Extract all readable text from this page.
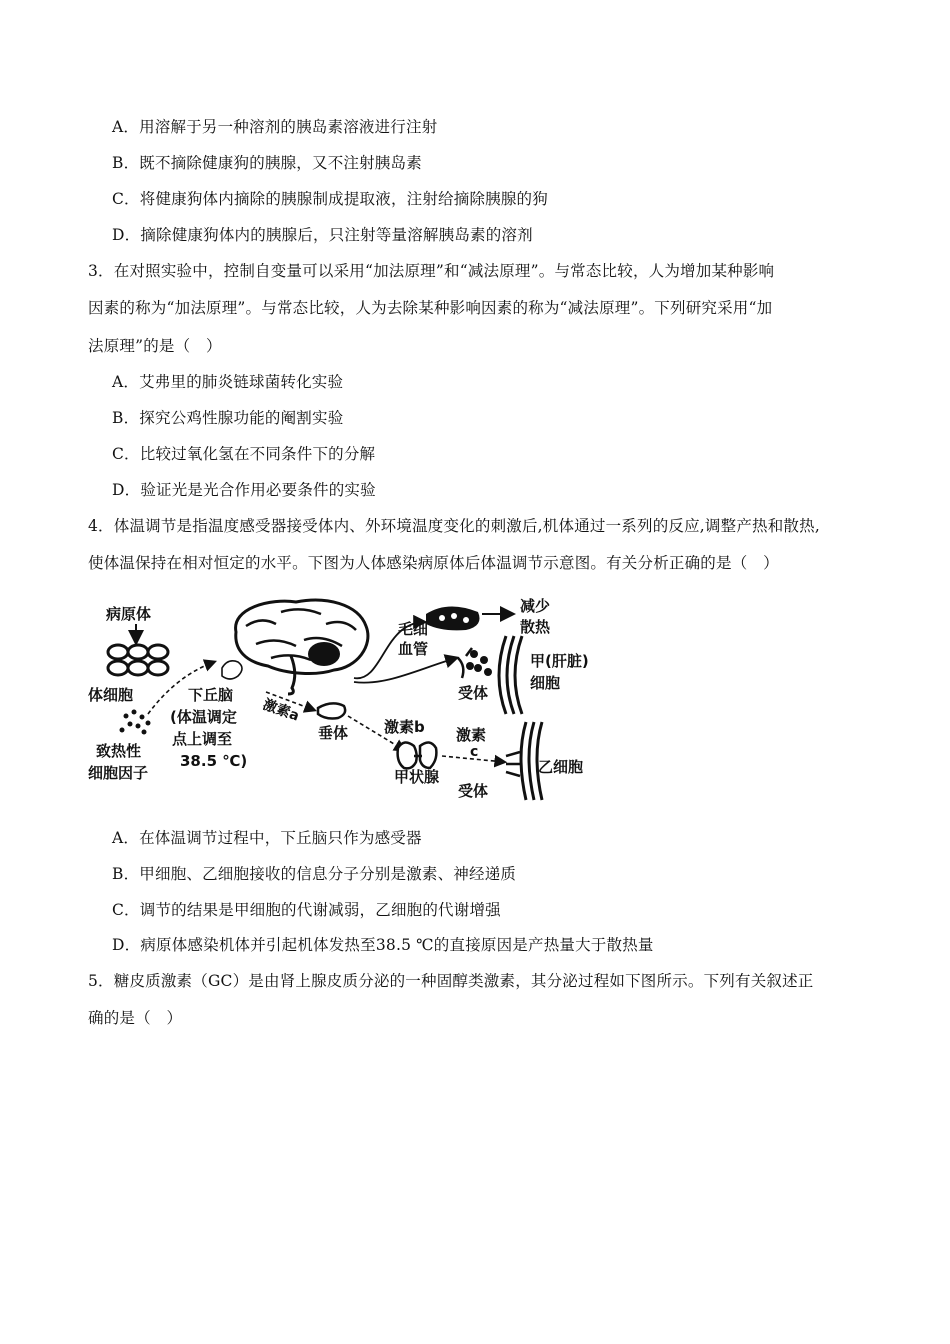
A．用溶解于另一种溶剂的胰岛素溶液进行注射
B．既不摘除健康狗的胰腺，又不注射胰岛素
C．将健康狗体内摘除的胰腺制成提取液，注射给摘除胰腺的狗
D．摘除健康狗体内的胰腺后，只注射等量溶解胰岛素的溶剂
3．在对照实验中，控制自变量可以采用“加法原理”和“减法原理”。与常态比较，人为增加某种影响
因素的称为“加法原理”。与常态比较，人为去除某种影响因素的称为“减法原理”。下列研究采用“加
法原理”的是（　）
A．艾弗里的肺炎链球菌转化实验
B．探究公鸡性腺功能的阉割实验
C．比较过氧化氢在不同条件下的分解
D．验证光是光合作用必要条件的实验
4．体温调节是指温度感受器接受体内、外环境温度变化的刺激后,机体通过一系列的反应,调整产热和散热,
使体温保持在相对恒定的水平。下图为人体感染病原体后体温调节示意图。有关分析正确的是（　）
病原体
体细胞
致热性
细胞因子
下丘脑
(体温调定
点上调至
38.5 ℃)
激素a
垂体 激素b
甲状腺
激素
c
乙细胞
受体
减少
散热
毛细
血管
甲(肝脏)
细胞
受体
A．在体温调节过程中，下丘脑只作为感受器
B．甲细胞、乙细胞接收的信息分子分别是激素、神经递质
C．调节的结果是甲细胞的代谢减弱，乙细胞的代谢增强
D．病原体感染机体并引起机体发热至38.5 ℃的直接原因是产热量大于散热量
5．糖皮质激素（GC）是由肾上腺皮质分泌的一种固醇类激素，其分泌过程如下图所示。下列有关叙述正
确的是（　）
